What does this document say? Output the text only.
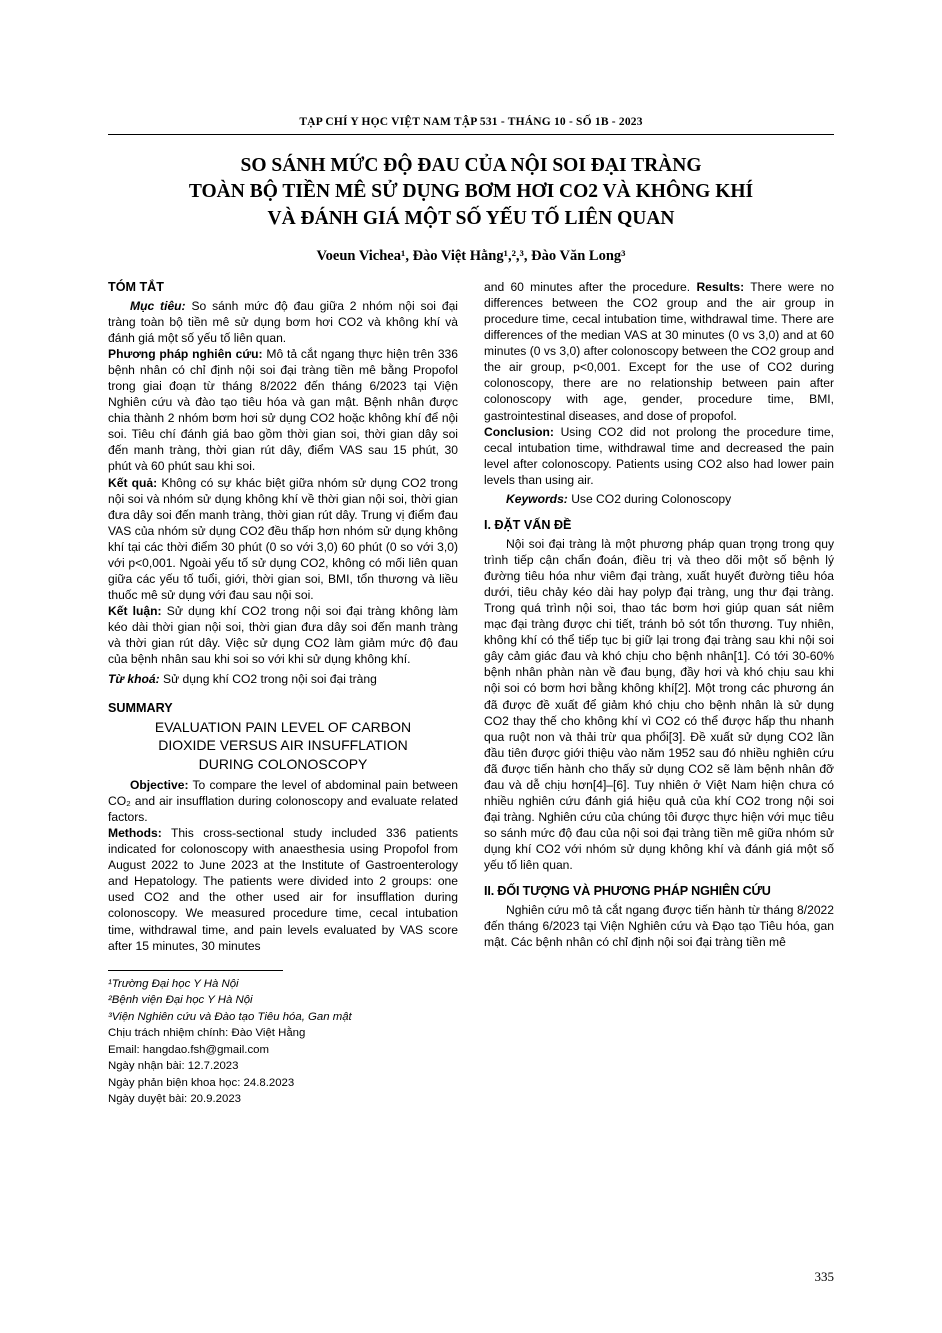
TẠP CHÍ Y HỌC VIỆT NAM TẬP 531 - THÁNG 10 - SỐ 1B - 2023
SO SÁNH MỨC ĐỘ ĐAU CỦA NỘI SOI ĐẠI TRÀNG
TOÀN BỘ TIỀN MÊ SỬ DỤNG BƠM HƠI CO2 VÀ KHÔNG KHÍ
VÀ ĐÁNH GIÁ MỘT SỐ YẾU TỐ LIÊN QUAN
Voeun Vichea¹, Đào Việt Hằng¹,²,³, Đào Văn Long³
TÓM TẮT

Mục tiêu: So sánh mức độ đau giữa 2 nhóm nội soi đại tràng toàn bộ tiền mê sử dụng bơm hơi CO2 và không khí và đánh giá một số yếu tố liên quan.

Phương pháp nghiên cứu: Mô tả cắt ngang thực hiện trên 336 bệnh nhân có chỉ định nội soi đại tràng tiền mê bằng Propofol trong giai đoạn từ tháng 8/2022 đến tháng 6/2023 tại Viện Nghiên cứu và đào tạo tiêu hóa và gan mật. Bệnh nhân được chia thành 2 nhóm bơm hơi sử dụng CO2 hoặc không khí để nội soi. Tiêu chí đánh giá bao gồm thời gian soi, thời gian dây soi đến manh tràng, thời gian rút dây, điểm VAS sau 15 phút, 30 phút và 60 phút sau khi soi.

Kết quả: Không có sự khác biệt giữa nhóm sử dụng CO2 trong nội soi và nhóm sử dụng không khí về thời gian nội soi, thời gian đưa dây soi đến manh tràng, thời gian rút dây. Trung vị điểm đau VAS của nhóm sử dụng CO2 đều thấp hơn nhóm sử dụng không khí tại các thời điểm 30 phút (0 so với 3,0) 60 phút (0 so với 3,0) với p<0,001. Ngoài yếu tố sử dụng CO2, không có mối liên quan giữa các yếu tố tuổi, giới, thời gian soi, BMI, tổn thương và liều thuốc mê sử dụng với đau sau nội soi.

Kết luận: Sử dụng khí CO2 trong nội soi đại tràng không làm kéo dài thời gian nội soi, thời gian đưa dây soi đến manh tràng và thời gian rút dây. Việc sử dụng CO2 làm giảm mức độ đau của bệnh nhân sau khi soi so với khi sử dụng không khí.

Từ khoá: Sử dụng khí CO2 trong nội soi đại tràng

SUMMARY
EVALUATION PAIN LEVEL OF CARBON
DIOXIDE VERSUS AIR INSUFFLATION
DURING COLONOSCOPY

Objective: To compare the level of abdominal pain between CO₂ and air insufflation during colonoscopy and evaluate related factors.

Methods: This cross-sectional study included 336 patients indicated for colonoscopy with anaesthesia using Propofol from August 2022 to June 2023 at the Institute of Gastroenterology and Hepatology. The patients were divided into 2 groups: one used CO2 and the other used air for insufflation during colonoscopy. We measured procedure time, cecal intubation time, withdrawal time, and pain levels evaluated by VAS score after 15 minutes, 30 minutes

¹Trường Đại học Y Hà Nội
²Bệnh viện Đại học Y Hà Nội
³Viện Nghiên cứu và Đào tạo Tiêu hóa, Gan mật
Chịu trách nhiệm chính: Đào Việt Hằng
Email: hangdao.fsh@gmail.com
Ngày nhận bài: 12.7.2023
Ngày phản biện khoa học: 24.8.2023
Ngày duyệt bài: 20.9.2023

and 60 minutes after the procedure. Results: There were no differences between the CO2 group and the air group in procedure time, cecal intubation time, withdrawal time. There are differences of the median VAS at 30 minutes (0 vs 3,0) and at 60 minutes (0 vs 3,0) after colonoscopy between the CO2 group and the air group, p<0,001. Except for the use of CO2 during colonoscopy, there are no relationship between pain after colonoscopy with age, gender, procedure time, BMI, gastrointestinal diseases, and dose of propofol.

Conclusion: Using CO2 did not prolong the procedure time, cecal intubation time, withdrawal time and decreased the pain level after colonoscopy. Patients using CO2 also had lower pain levels than using air.

Keywords: Use CO2 during Colonoscopy

I. ĐẶT VẤN ĐỀ

Nội soi đại tràng là một phương pháp quan trọng trong quy trình tiếp cận chẩn đoán, điều trị và theo dõi một số bệnh lý đường tiêu hóa như viêm đại tràng, xuất huyết đường tiêu hóa dưới, tiêu chảy kéo dài hay polyp đại tràng, ung thư đại tràng. Trong quá trình nội soi, thao tác bơm hơi giúp quan sát niêm mạc đại tràng được chi tiết, tránh bỏ sót tổn thương. Tuy nhiên, không khí có thể tiếp tục bị giữ lại trong đại tràng sau khi nội soi gây cảm giác đau và khó chịu cho bệnh nhân[1]. Có tới 30-60% bệnh nhân phàn nàn về đau bụng, đầy hơi và khó chịu sau khi nội soi có bơm hơi bằng không khí[2]. Một trong các phương án đã được đề xuất để giảm khó chịu cho bệnh nhân là sử dụng CO2 thay thế cho không khí vì CO2 có thể được hấp thu nhanh qua ruột non và thải trừ qua phổi[3]. Đề xuất sử dụng CO2 lần đầu tiên được giới thiệu vào năm 1952 sau đó nhiều nghiên cứu đã được tiến hành cho thấy sử dụng CO2 sẽ làm bệnh nhân đỡ đau và dễ chịu hơn[4]–[6]. Tuy nhiên ở Việt Nam hiện chưa có nhiều nghiên cứu đánh giá hiệu quả của khí CO2 trong nội soi đại tràng. Nghiên cứu của chúng tôi được thực hiện với mục tiêu so sánh mức độ đau của nội soi đại tràng tiền mê giữa nhóm sử dụng khí CO2 với nhóm sử dụng không khí và đánh giá một số yếu tố liên quan.

II. ĐỐI TƯỢNG VÀ PHƯƠNG PHÁP NGHIÊN CỨU

Nghiên cứu mô tả cắt ngang được tiến hành từ tháng 8/2022 đến tháng 6/2023 tại Viện Nghiên cứu và Đạo tạo Tiêu hóa, gan mật. Các bệnh nhân có chỉ định nội soi đại tràng tiền mê

335
